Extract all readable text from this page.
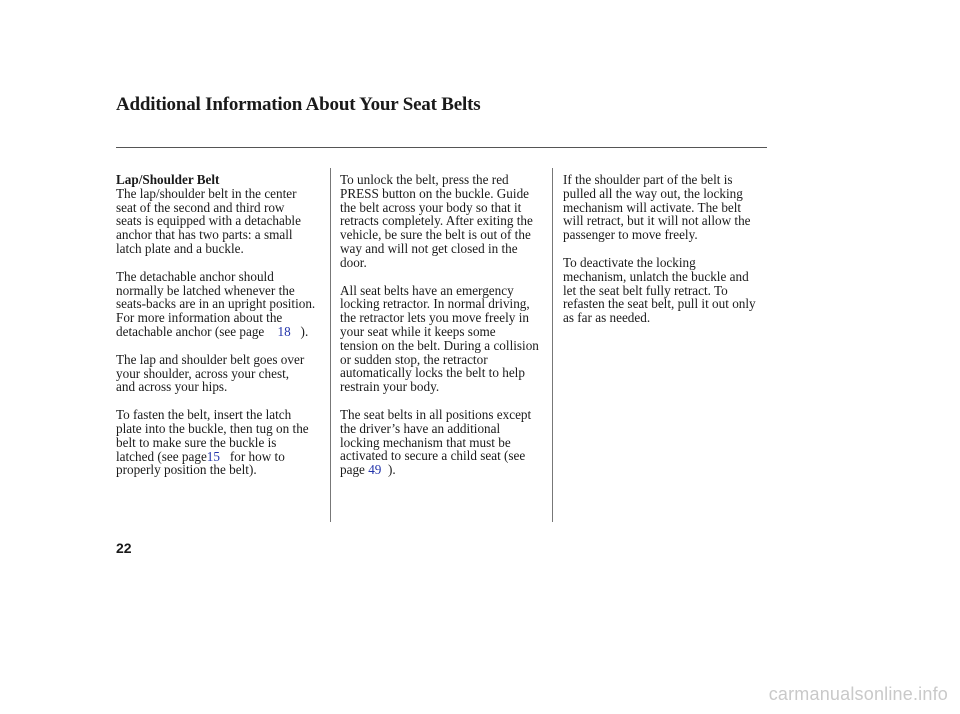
Additional Information About Your Seat Belts

Lap/Shoulder Belt
The lap/shoulder belt in the center
seat of the second and third row
seats is equipped with a detachable
anchor that has two parts: a small
latch plate and a buckle.

The detachable anchor should
normally be latched whenever the
seats-backs are in an upright position.
For more information about the
detachable anchor (see page 18 ).

The lap and shoulder belt goes over
your shoulder, across your chest,
and across your hips.

To fasten the belt, insert the latch
plate into the buckle, then tug on the
belt to make sure the buckle is
latched (see page15 for how to
properly position the belt).

To unlock the belt, press the red
PRESS button on the buckle. Guide
the belt across your body so that it
retracts completely. After exiting the
vehicle, be sure the belt is out of the
way and will not get closed in the
door.

All seat belts have an emergency
locking retractor. In normal driving,
the retractor lets you move freely in
your seat while it keeps some
tension on the belt. During a collision
or sudden stop, the retractor
automatically locks the belt to help
restrain your body.

The seat belts in all positions except
the driver’s have an additional
locking mechanism that must be
activated to secure a child seat (see
page 49 ).

If the shoulder part of the belt is
pulled all the way out, the locking
mechanism will activate. The belt
will retract, but it will not allow the
passenger to move freely.

To deactivate the locking
mechanism, unlatch the buckle and
let the seat belt fully retract. To
refasten the seat belt, pull it out only
as far as needed.

22
carmanualsonline.info
